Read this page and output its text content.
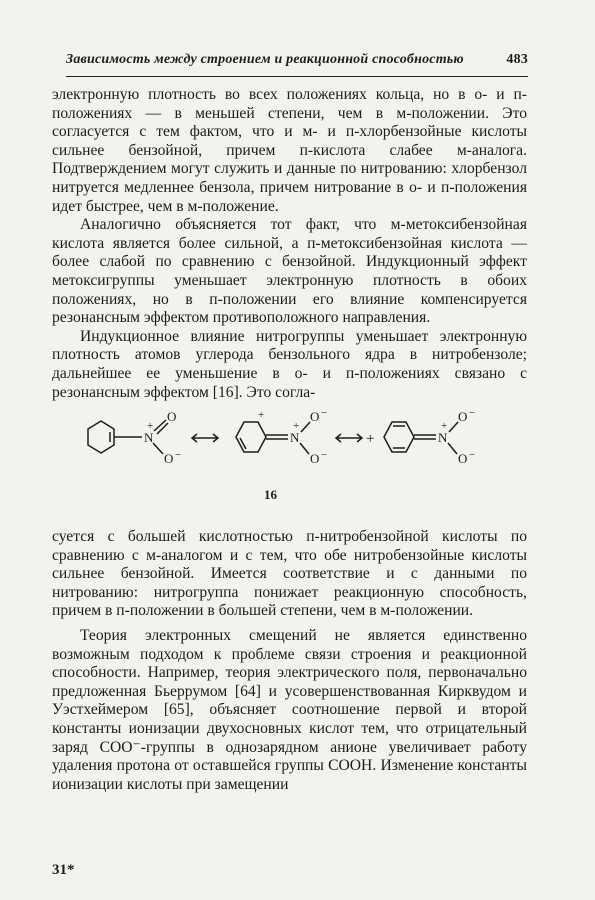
Зависимость между строением и реакционной способностью	483

электронную плотность во всех положениях кольца, но в о- и п-положениях — в меньшей степени, чем в м-положении. Это согласуется с тем фактом, что и м- и п-хлорбензойные кислоты сильнее бензойной, причем п-кислота слабее м-аналога. Подтверждением могут служить и данные по нитрованию: хлорбензол нитруется медленнее бензола, причем нитрование в о- и п-положения идет быстрее, чем в м-положение.

Аналогично объясняется тот факт, что м-метоксибензойная кислота является более сильной, а п-метоксибензойная кислота — более слабой по сравнению с бензойной. Индукционный эффект метоксигруппы уменьшает электронную плотность в обоих положениях, но в п-положении его влияние компенсируется резонансным эффектом противоположного направления.

Индукционное влияние нитрогруппы уменьшает электронную плотность атомов углерода бензольного ядра в нитробензоле; дальнейшее ее уменьшение в о- и п-положениях связано с резонансным эффектом [16]. Это согла-

N
+
O
O −
+
N
+
O −
O −
+	N
+
O −
O −
16

суется с большей кислотностью п-нитробензойной кислоты по сравнению с м-аналогом и с тем, что обе нитробензойные кислоты сильнее бензойной. Имеется соответствие и с данными по нитрованию: нитрогруппа понижает реакционную способность, причем в п-положении в большей степени, чем в м-положении.

Теория электронных смещений не является единственно возможным подходом к проблеме связи строения и реакционной способности. Например, теория электрического поля, первоначально предложенная Бьеррумом [64] и усовершенствованная Кирквудом и Уэстхеймером [65], объясняет соотношение первой и второй константы ионизации двухосновных кислот тем, что отрицательный заряд СОО⁻-группы в однозарядном анионе увеличивает работу удаления протона от оставшейся группы СООН. Изменение константы ионизации кислоты при замещении

31*
